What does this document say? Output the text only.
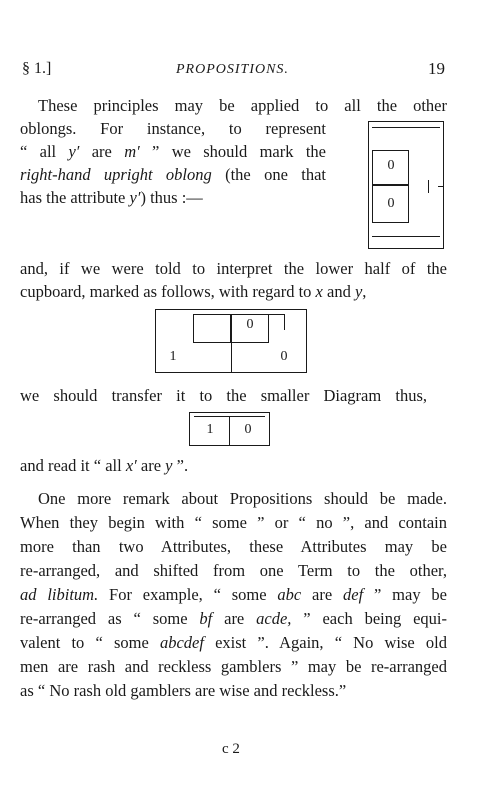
§ 1.]	PROPOSITIONS.	19
These principles may be applied to all the other
oblongs. For instance, to represent
“ all y′ are m′ ” we should mark the
right-hand upright oblong (the one that
has the attribute y′) thus :—
0
0
and, if we were told to interpret the lower half of the
cupboard, marked as follows, with regard to x and y,
0
1	0
we should transfer it to the smaller Diagram thus,
1 0
and read it “ all x′ are y ”.
One more remark about Propositions should be made.
When they begin with “ some ” or “ no ”, and contain
more than two Attributes, these Attributes may be
re-arranged, and shifted from one Term to the other,
ad libitum. For example, “ some abc are def ” may be
re-arranged as “ some bf are acde, ” each being equi-
valent to “ some abcdef exist ”. Again, “ No wise old
men are rash and reckless gamblers ” may be re-arranged
as “ No rash old gamblers are wise and reckless.”
c 2
